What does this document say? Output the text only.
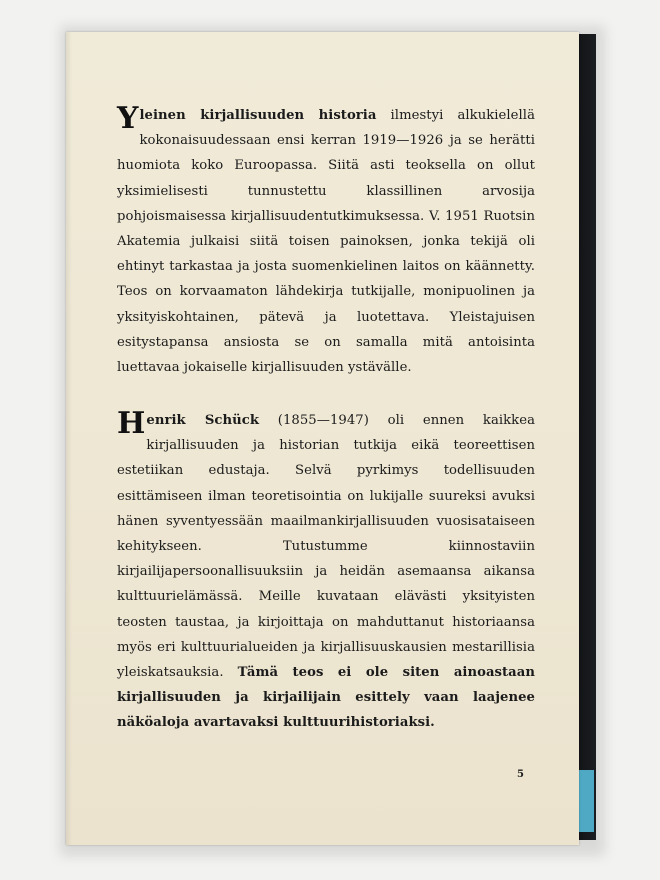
Yleinen kirjallisuuden historia ilmestyi alkukielellä kokonaisuudessaan ensi kerran 1919—1926 ja se herätti huomiota koko Euroopassa. Siitä asti teoksella on ollut yksimielisesti tunnustettu klassillinen arvosija pohjoismaisessa kirjallisuudentutkimuksessa. V. 1951 Ruotsin Akatemia julkaisi siitä toisen painoksen, jonka tekijä oli ehtinyt tarkastaa ja josta suomenkielinen laitos on käännetty. Teos on korvaamaton lähdekirja tutkijalle, monipuolinen ja yksityiskohtainen, pätevä ja luotettava. Yleistajuisen esitystapansa ansiosta se on samalla mitä antoisinta luettavaa jokaiselle kirjallisuuden ystävälle.

Henrik Schück (1855—1947) oli ennen kaikkea kirjallisuuden ja historian tutkija eikä teoreettisen estetiikan edustaja. Selvä pyrkimys todellisuuden esittämiseen ilman teoretisointia on lukijalle suureksi avuksi hänen syventyessään maailmankirjallisuuden vuosisataiseen kehitykseen. Tutustumme kiinnostaviin kirjailijapersoonallisuuksiin ja heidän asemaansa aikansa kulttuurielämässä. Meille kuvataan elävästi yksityisten teosten taustaa, ja kirjoittaja on mahduttanut historiaansa myös eri kulttuurialueiden ja kirjallisuuskausien mestarillisia yleiskatsauksia. Tämä teos ei ole siten ainoastaan kirjallisuuden ja kirjailijain esittely vaan laajenee näköaloja avartavaksi kulttuurihistoriaksi.

5
